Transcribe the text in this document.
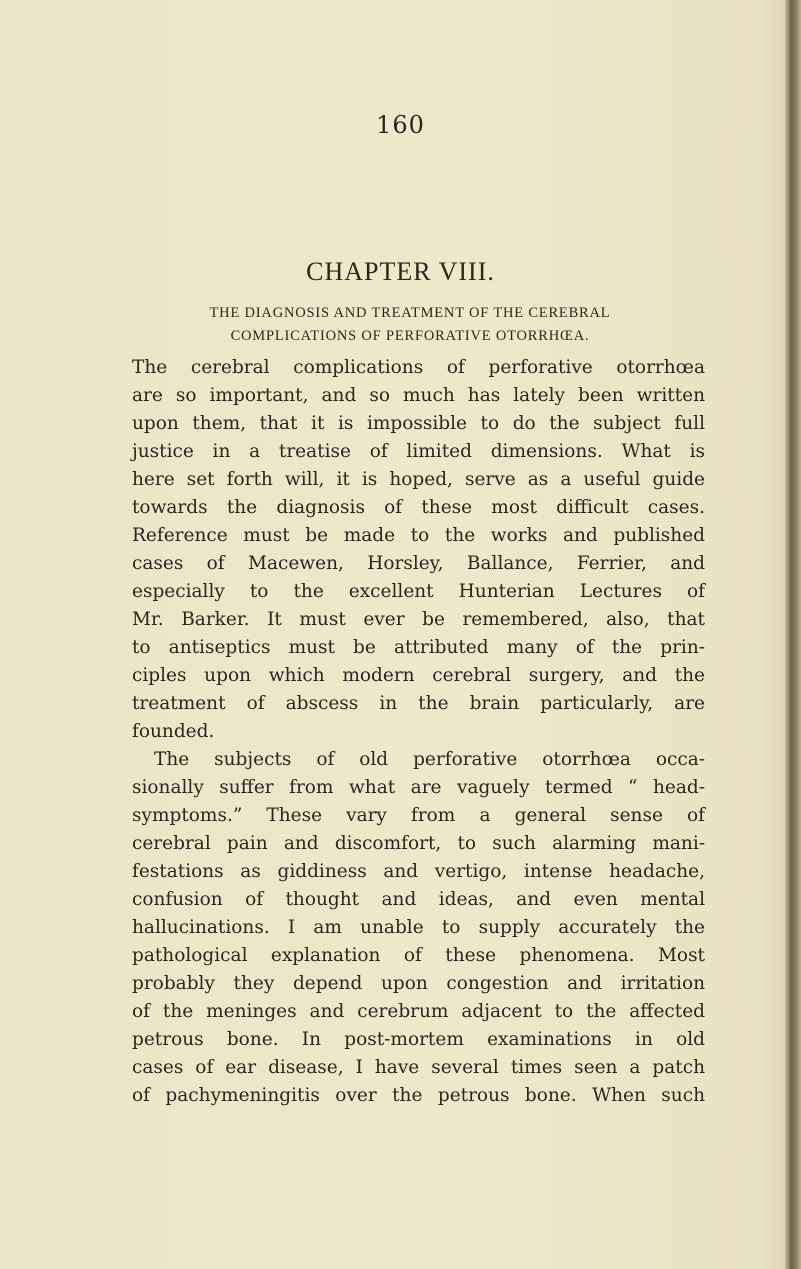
160
CHAPTER VIII.
THE DIAGNOSIS AND TREATMENT OF THE CEREBRAL
COMPLICATIONS OF PERFORATIVE OTORRHŒA.
The cerebral complications of perforative otorrhœa
are so important, and so much has lately been written
upon them, that it is impossible to do the subject full
justice in a treatise of limited dimensions. What is
here set forth will, it is hoped, serve as a useful guide
towards the diagnosis of these most difficult cases.
Reference must be made to the works and published
cases of Macewen, Horsley, Ballance, Ferrier, and
especially to the excellent Hunterian Lectures of
Mr. Barker. It must ever be remembered, also, that
to antiseptics must be attributed many of the prin-
ciples upon which modern cerebral surgery, and the
treatment of abscess in the brain particularly, are
founded.
The subjects of old perforative otorrhœa occa-
sionally suffer from what are vaguely termed “ head-
symptoms.” These vary from a general sense of
cerebral pain and discomfort, to such alarming mani-
festations as giddiness and vertigo, intense headache,
confusion of thought and ideas, and even mental
hallucinations. I am unable to supply accurately the
pathological explanation of these phenomena. Most
probably they depend upon congestion and irritation
of the meninges and cerebrum adjacent to the affected
petrous bone. In post-mortem examinations in old
cases of ear disease, I have several times seen a patch
of pachymeningitis over the petrous bone. When such
